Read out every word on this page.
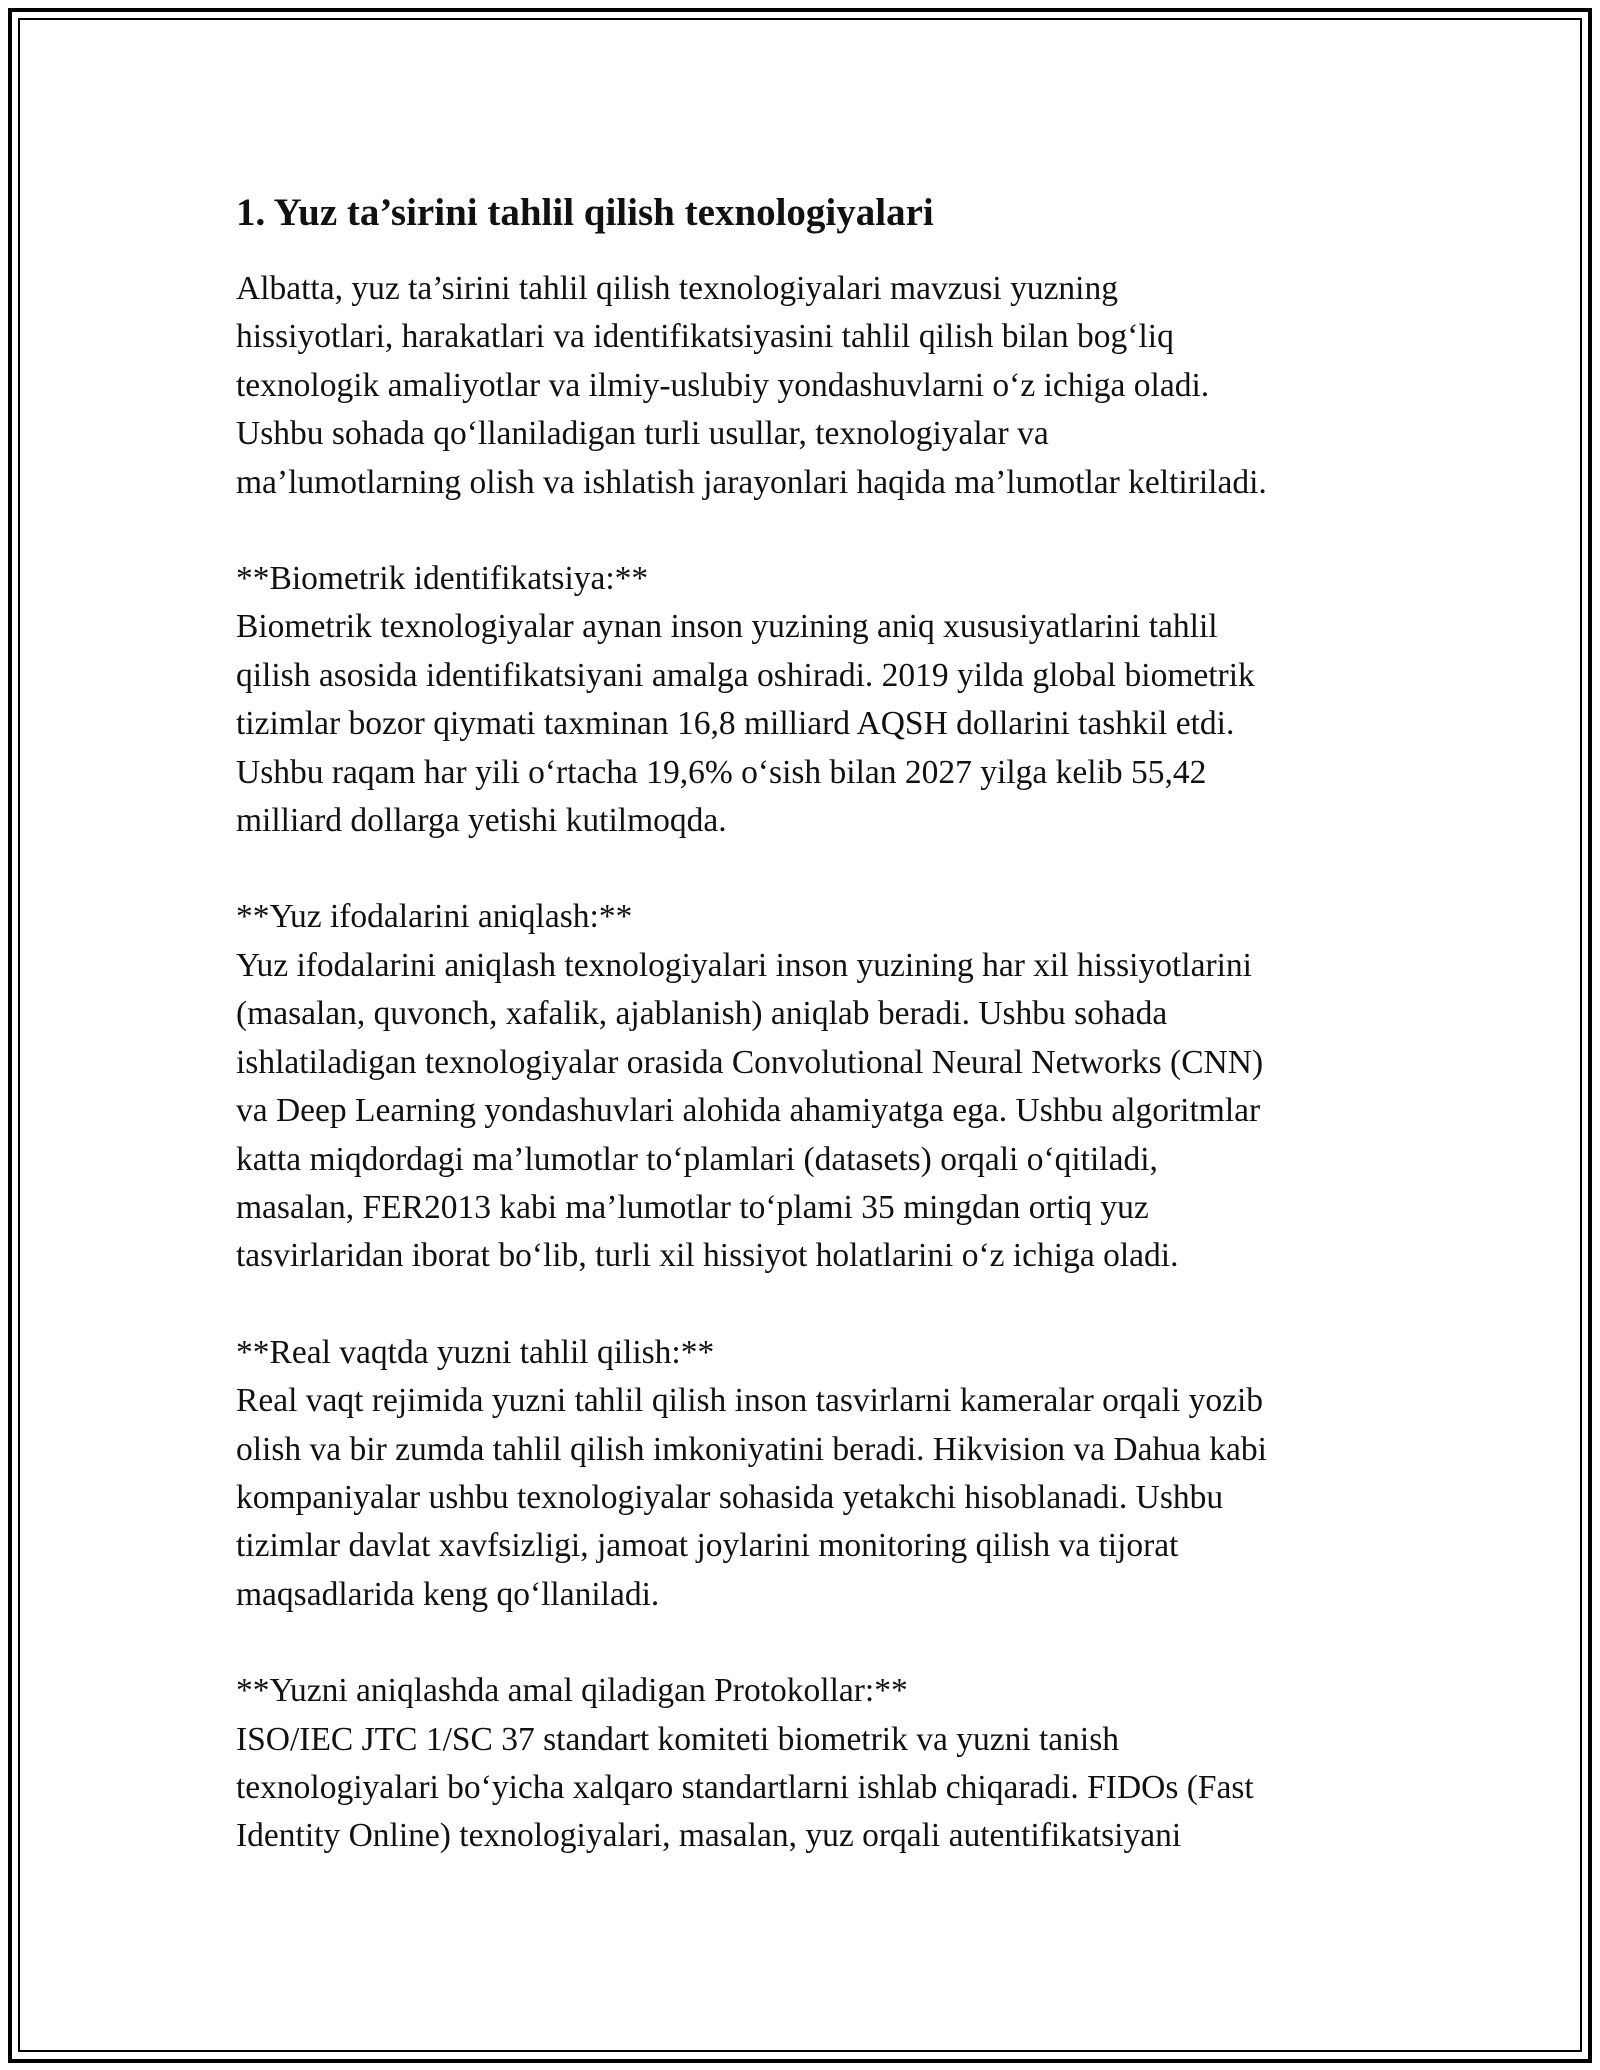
1. Yuz ta’sirini tahlil qilish texnologiyalari
Albatta, yuz ta’sirini tahlil qilish texnologiyalari mavzusi yuzning
hissiyotlari, harakatlari va identifikatsiyasini tahlil qilish bilan bogʻliq
texnologik amaliyotlar va ilmiy-uslubiy yondashuvlarni oʻz ichiga oladi.
Ushbu sohada qoʻllaniladigan turli usullar, texnologiyalar va
ma’lumotlarning olish va ishlatish jarayonlari haqida ma’lumotlar keltiriladi.
**Biometrik identifikatsiya:**
Biometrik texnologiyalar aynan inson yuzining aniq xususiyatlarini tahlil
qilish asosida identifikatsiyani amalga oshiradi. 2019 yilda global biometrik
tizimlar bozor qiymati taxminan 16,8 milliard AQSH dollarini tashkil etdi.
Ushbu raqam har yili oʻrtacha 19,6% oʻsish bilan 2027 yilga kelib 55,42
milliard dollarga yetishi kutilmoqda.
**Yuz ifodalarini aniqlash:**
Yuz ifodalarini aniqlash texnologiyalari inson yuzining har xil hissiyotlarini
(masalan, quvonch, xafalik, ajablanish) aniqlab beradi. Ushbu sohada
ishlatiladigan texnologiyalar orasida Convolutional Neural Networks (CNN)
va Deep Learning yondashuvlari alohida ahamiyatga ega. Ushbu algoritmlar
katta miqdordagi ma’lumotlar toʻplamlari (datasets) orqali oʻqitiladi,
masalan, FER2013 kabi ma’lumotlar toʻplami 35 mingdan ortiq yuz
tasvirlaridan iborat boʻlib, turli xil hissiyot holatlarini oʻz ichiga oladi.
**Real vaqtda yuzni tahlil qilish:**
Real vaqt rejimida yuzni tahlil qilish inson tasvirlarni kameralar orqali yozib
olish va bir zumda tahlil qilish imkoniyatini beradi. Hikvision va Dahua kabi
kompaniyalar ushbu texnologiyalar sohasida yetakchi hisoblanadi. Ushbu
tizimlar davlat xavfsizligi, jamoat joylarini monitoring qilish va tijorat
maqsadlarida keng qoʻllaniladi.
**Yuzni aniqlashda amal qiladigan Protokollar:**
ISO/IEC JTC 1/SC 37 standart komiteti biometrik va yuzni tanish
texnologiyalari boʻyicha xalqaro standartlarni ishlab chiqaradi. FIDOs (Fast
Identity Online) texnologiyalari, masalan, yuz orqali autentifikatsiyani
